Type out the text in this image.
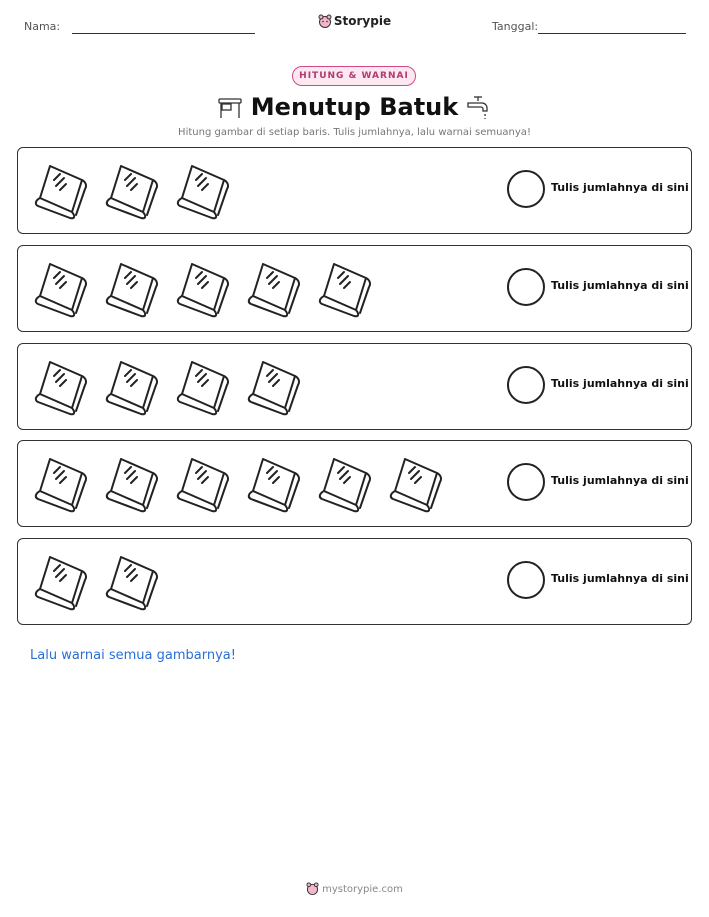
Nama:	Storypie	Tanggal:
HITUNG & WARNAI
Menutup Batuk
Hitung gambar di setiap baris. Tulis jumlahnya, lalu warnai semuanya!
Tulis jumlahnya di sini
Tulis jumlahnya di sini
Tulis jumlahnya di sini
Tulis jumlahnya di sini
Tulis jumlahnya di sini
Lalu warnai semua gambarnya!
mystorypie.com
